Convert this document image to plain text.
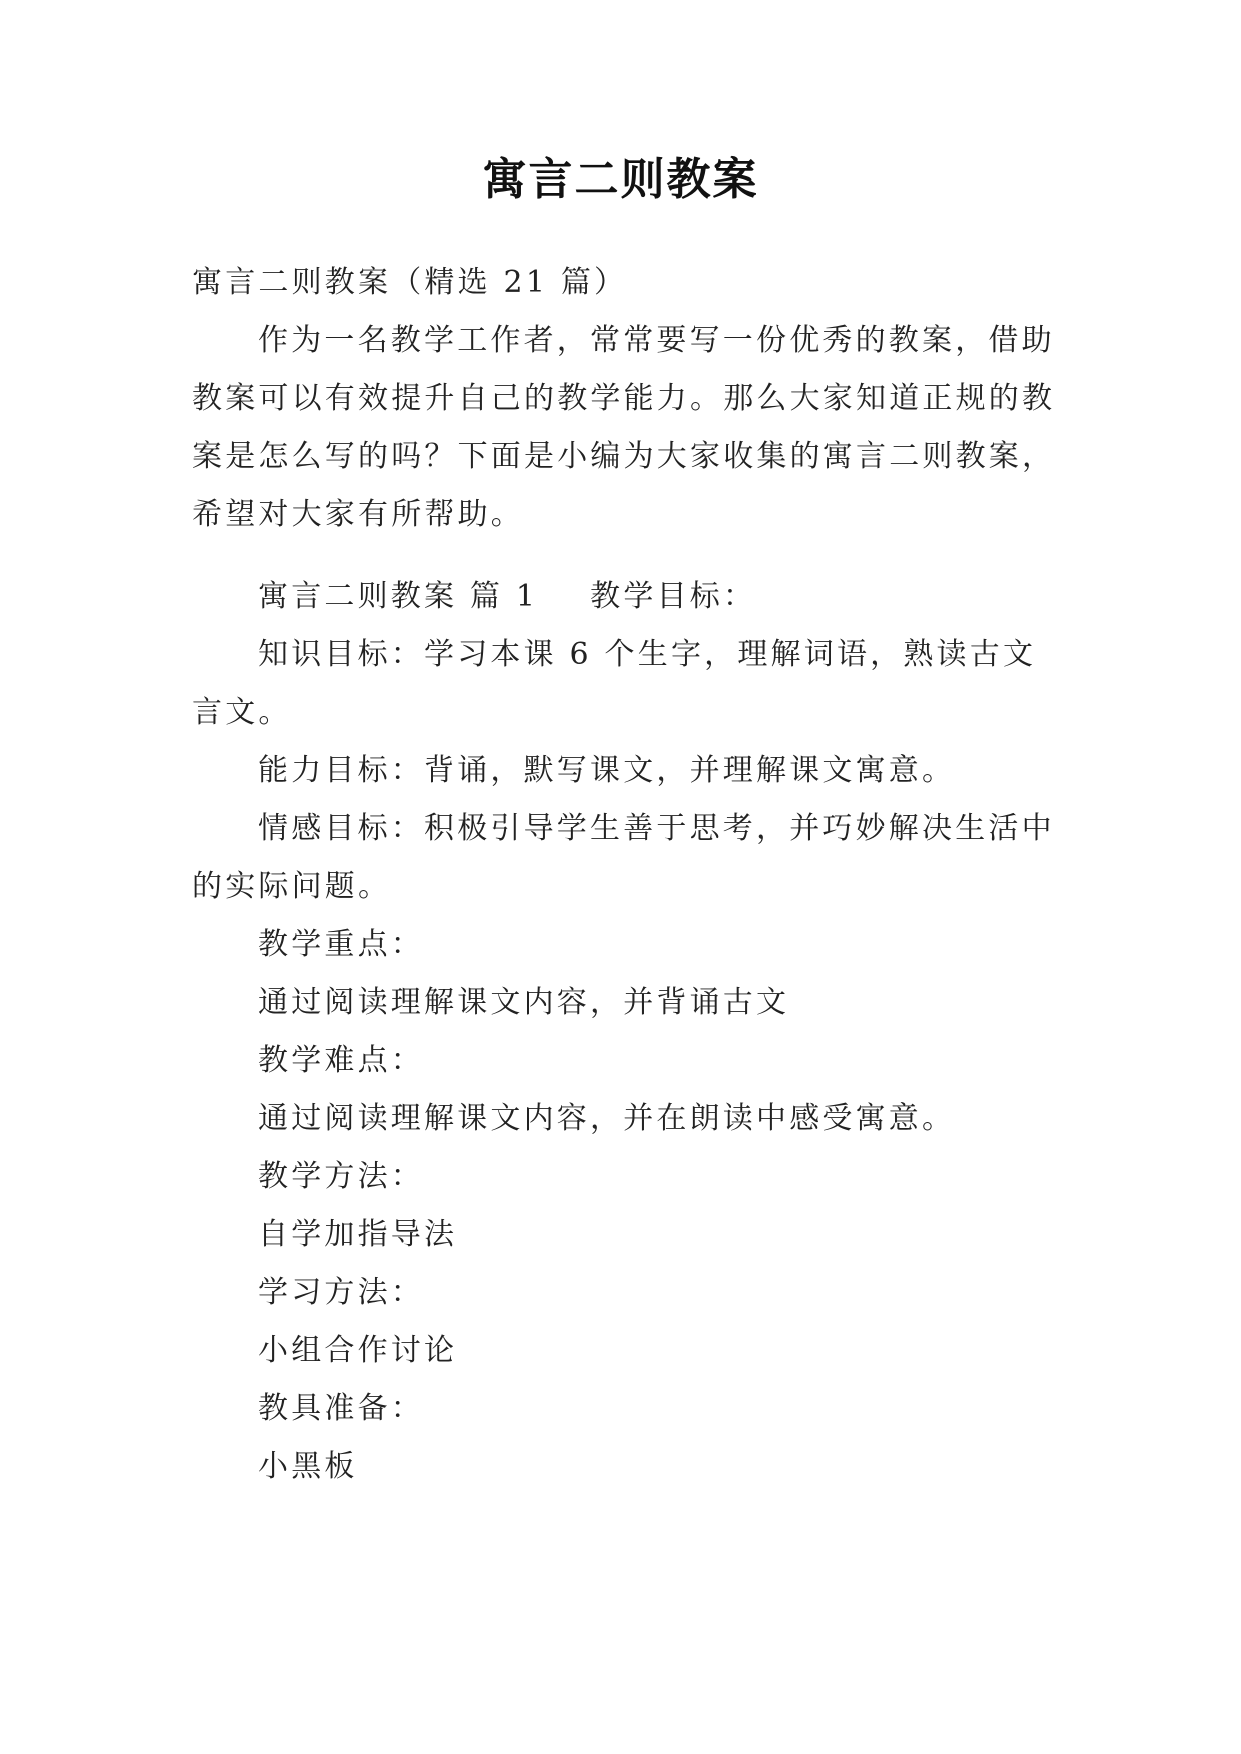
寓言二则教案

寓言二则教案（精选 21 篇）

作为一名教学工作者，常常要写一份优秀的教案，借助教案可以有效提升自己的教学能力。那么大家知道正规的教案是怎么写的吗？下面是小编为大家收集的寓言二则教案，希望对大家有所帮助。

寓言二则教案 篇 1 教学目标：

知识目标：学习本课 6 个生字，理解词语，熟读古文言文。

能力目标：背诵，默写课文，并理解课文寓意。

情感目标：积极引导学生善于思考，并巧妙解决生活中的实际问题。

教学重点：

通过阅读理解课文内容，并背诵古文

教学难点：

通过阅读理解课文内容，并在朗读中感受寓意。

教学方法：

自学加指导法

学习方法：

小组合作讨论

教具准备：

小黑板
